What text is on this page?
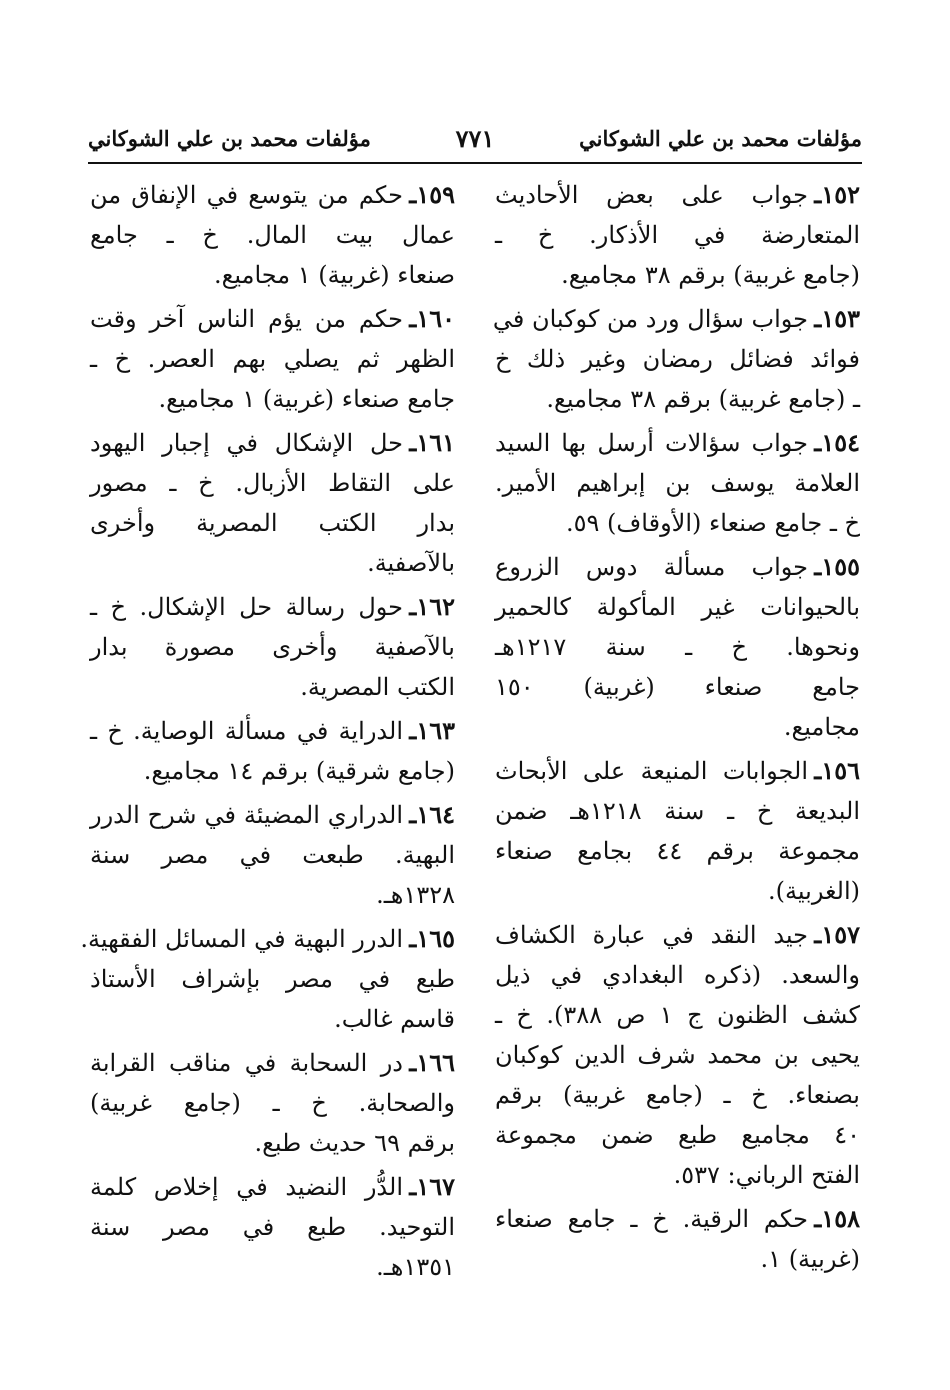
مؤلفات محمد بن علي الشوكاني
٧٧١
مؤلفات محمد بن علي الشوكاني
١٥٢ـجواب على بعض الأحاديث
المتعارضة في الأذكار. خ ـ
(جامع غربية) برقم ٣٨ مجاميع.
١٥٣ـجواب سؤال ورد من كوكبان في
فوائد فضائل رمضان وغير ذلك خ
ـ (جامع غربية) برقم ٣٨ مجاميع.
١٥٤ـجواب سؤالات أرسل بها السيد
العلامة يوسف بن إبراهيم الأمير.
خ ـ جامع صنعاء (الأوقاف) ٥٩.
١٥٥ـجواب مسألة دوس الزروع
بالحيوانات غير المأكولة كالحمير
ونحوها. خ ـ سنة ١٢١٧هـ
جامع صنعاء (غربية) ١٥٠
مجاميع.
١٥٦ـالجوابات المنيعة على الأبحاث
البديعة خ ـ سنة ١٢١٨هـ ضمن
مجموعة برقم ٤٤ بجامع صنعاء
(الغربية).
١٥٧ـجيد النقد في عبارة الكشاف
والسعد. (ذكره البغدادي في ذيل
كشف الظنون ج ١ ص ٣٨٨). خ ـ
يحيى بن محمد شرف الدين كوكبان
بصنعاء. خ ـ (جامع غربية) برقم
٤٠ مجاميع طبع ضمن مجموعة
الفتح الرباني: ٥٣٧.
١٥٨ـحكم الرقية. خ ـ جامع صنعاء
(غربية) ١.
١٥٩ـحكم من يتوسع في الإنفاق من
عمال بيت المال. خ ـ جامع
صنعاء (غربية) ١ مجاميع.
١٦٠ـحكم من يؤم الناس آخر وقت
الظهر ثم يصلي بهم العصر. خ ـ
جامع صنعاء (غربية) ١ مجاميع.
١٦١ـحل الإشكال في إجبار اليهود
على التقاط الأزبال. خ ـ مصور
بدار الكتب المصرية وأخرى
بالآصفية.
١٦٢ـحول رسالة حل الإشكال. خ ـ
بالآصفية وأخرى مصورة بدار
الكتب المصرية.
١٦٣ـالدراية في مسألة الوصاية. خ ـ
(جامع شرقية) برقم ١٤ مجاميع.
١٦٤ـالدراري المضيئة في شرح الدرر
البهية. طبعت في مصر سنة
١٣٢٨هـ.
١٦٥ـالدرر البهية في المسائل الفقهية.
طبع في مصر بإشراف الأستاذ
قاسم غالب.
١٦٦ـدر السحابة في مناقب القرابة
والصحابة. خ ـ (جامع غربية)
برقم ٦٩ حديث طبع.
١٦٧ـالدُّر النضيد في إخلاص كلمة
التوحيد. طبع في مصر سنة
١٣٥١هـ.
